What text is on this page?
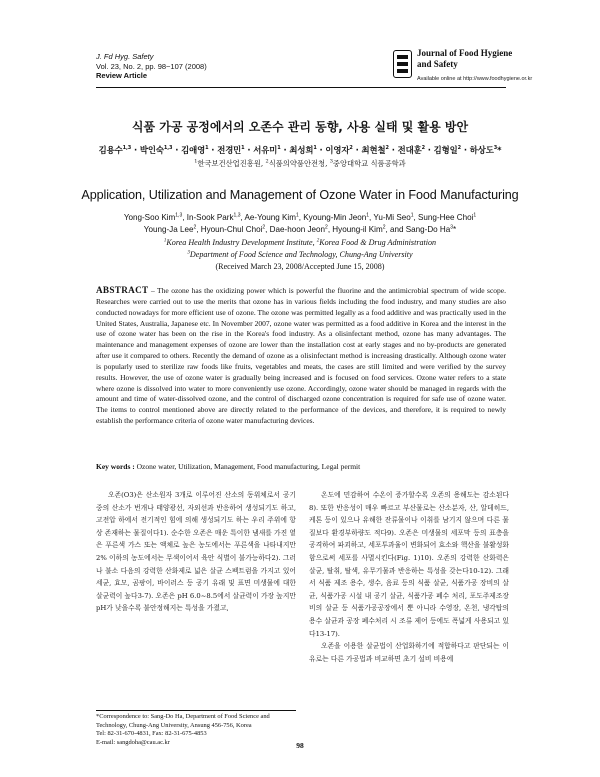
J. Fd Hyg. Safety
Vol. 23, No. 2, pp. 98~107 (2008)
Review Article
Journal of Food Hygiene
and Safety
Available online at http://www.foodhygiene.or.kr
식품 가공 공정에서의 오존수 관리 동향, 사용 실태 및 활용 방안
김용수$^{1,3}$ · 박인숙$^{1,3}$ · 김애영$^1$ · 전경민$^1$ · 서유미$^1$ · 최성희$^1$ · 이영자$^2$ · 최현철$^2$ · 전대훈$^2$ · 김형일$^2$ · 하상도$^3$*
$^1$한국보건산업진흥원, $^2$식품의약품안전청, $^3$중앙대학교 식품공학과
Application, Utilization and Management of Ozone Water in Food Manufacturing
Yong-Soo Kim$^{1,3}$, In-Sook Park$^{1,3}$, Ae-Young Kim$^1$, Kyoung-Min Jeon$^1$, Yu-Mi Seo$^1$, Sung-Hee Choi$^1$
Young-Ja Lee$^2$, Hyoun-Chul Choi$^2$, Dae-hoon Jeon$^2$, Hyoung-il Kim$^2$, and Sang-Do Ha$^3$*
$^1$Korea Health Industry Development Institute, $^2$Korea Food & Drug Administration
$^3$Department of Food Science and Technology, Chung-Ang University
(Received March 23, 2008/Accepted June 15, 2008)
ABSTRACT – The ozone has the oxidizing power which is powerful the fluorine and the antimicrobial spectrum of wide scope. Researches were carried out to use the merits that ozone has in various fields including the food industry, and many studies are also conducted nowadays for more efficient use of ozone. The ozone was permitted legally as a food additive and was practically used in the United States, Australia, Japanese etc. In November 2007, ozone water was permitted as a food additive in Korea and the interest in the use of ozone water has been on the rise in the Korea's food industry. As a olisinfectant method, ozone has many advantages. The maintenance and management expenses of ozone are lower than the installation cost at early stages and no by-products are generated after use it compared to others. Recently the demand of ozone as a olisinfectant method is increasing drastically. Although ozone water is popularly used to sterilize raw foods like fruits, vegetables and meats, the cases are still limited and were verified by the survey results. However, the use of ozone water is gradually being increased and is focused on food services. Ozone water refers to a state where ozone is dissolved into water to more conveniently use ozone. Accordingly, ozone water should be managed in regards with the amount and time of water-dissolved ozone, and the control of discharged ozone concentration is required for safe use of ozone water. The items to control mentioned above are directly related to the performance of the devices, and therefore, it is required to newly establish the performance criteria of ozone water manufacturing devices.
Key words : Ozone water, Utilization, Management, Food manufacturing, Legal permit

오존(O3)은 산소원자 3개로 이루어진 산소의 동위체로서 공기 중의 산소가 번개나 태양광선, 자외선과 반응하여 생성되기도 하고, 고전압 하에서 전기적인 힘에 의해 생성되기도 하는 우리 주위에 항상 존재하는 물질이다1). 순수한 오존은 매운 특이한 냄새를 가진 옅은 푸른색 가스 또는 액체로 높은 농도에서는 푸른색을 나타내지만 2% 이하의 농도에서는 무색이어서 육안 식별이 불가능하다2). 그러나 불소 다음의 강력한 산화제로 넓은 살균 스펙트럼을 가지고 있어 세균, 효모, 곰팡이, 바이러스 등 공기 유래 및 표면 미생물에 대한 살균력이 높다3-7). 오존은 pH 6.0~8.5에서 살균력이 가장 높지만 pH가 낮을수록 불안정해지는 특성을 가졌고,

온도에 민감하여 수온이 증가할수록 오존의 용해도는 감소된다8). 또한 반응성이 매우 빠르고 부산물로는 산소분자, 산, 알데히드, 케톤 등이 있으나 유해한 잔류물이나 이취를 남기지 않으며 다른 물질보다 환경부하량도 적다9). 오존은 미생물의 세포막 등의 표층을 공격하여 파괴하고, 세포투과율이 변화되어 효소와 핵산을 불활성화함으로써 세포를 사멸시킨다(Fig. 1)10). 오존의 강력한 산화력은 살균, 탈취, 탈색, 유무기물과 반응하는 특성을 갖는다10-12). 그래서 식품 제조 용수, 생수, 음료 등의 식품 살균, 식품가공 장비의 살균, 식품가공 시설 내 공기 살균, 식품가공 폐수 처리, 포도주제조장비의 살균 등 식품가공공장에서 뿐 아니라 수영장, 온천, 냉각탑의 용수 살균과 공장 폐수처리 시 조류 제어 등에도 폭넓게 사용되고 있다13-17).

오존을 이용한 살균법이 산업화하기에 적합하다고 판단되는 이유로는 다른 가공법과 비교하면 초기 설비 비용에

*Correspondence to: Sang-Do Ha, Department of Food Science and Technology, Chung-Ang University, Ansung 456-756, Korea
Tel: 82-31-670-4831, Fax: 82-31-675-4853
E-mail: sangdoha@cau.ac.kr	98
